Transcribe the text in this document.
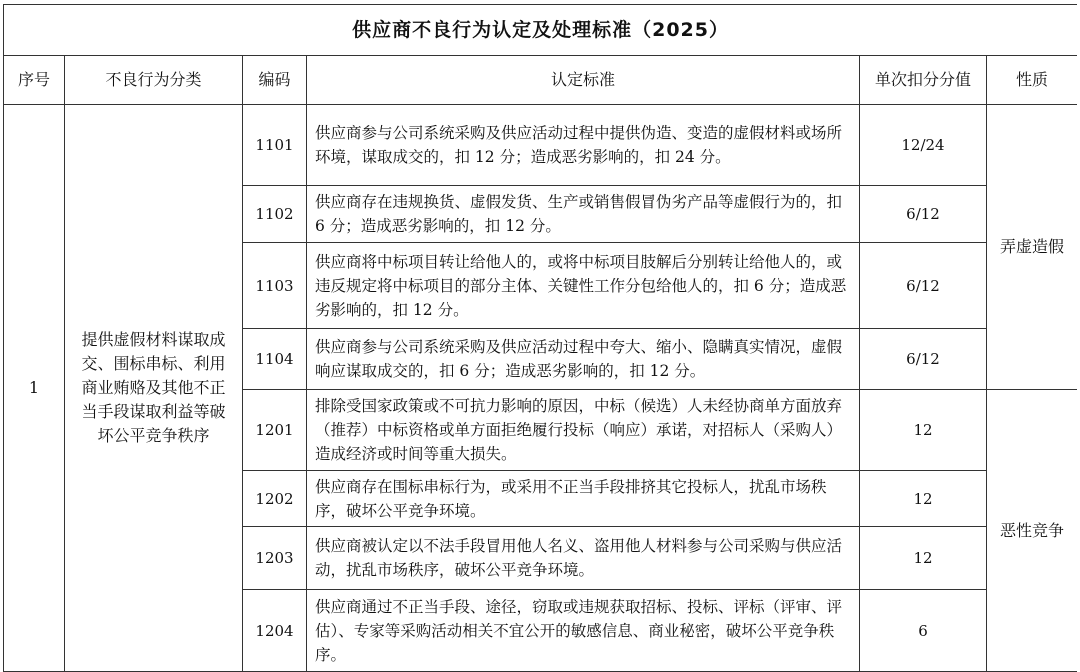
供应商不良行为认定及处理标准（2025）					
序号	不良行为分类	编码	认定标准	单次扣分分值	性质
1	提供虚假材料谋取成交、围标串标、利用商业贿赂及其他不正当手段谋取利益等破坏公平竞争秩序	1101	供应商参与公司系统采购及供应活动过程中提供伪造、变造的虚假材料或场所环境，谋取成交的，扣 12 分；造成恶劣影响的，扣 24 分。	12/24	弄虚造假
		1102	供应商存在违规换货、虚假发货、生产或销售假冒伪劣产品等虚假行为的，扣 6 分；造成恶劣影响的，扣 12 分。	6/12	
		1103	供应商将中标项目转让给他人的，或将中标项目肢解后分别转让给他人的，或违反规定将中标项目的部分主体、关键性工作分包给他人的，扣 6 分；造成恶劣影响的，扣 12 分。	6/12	
		1104	供应商参与公司系统采购及供应活动过程中夸大、缩小、隐瞒真实情况，虚假响应谋取成交的，扣 6 分；造成恶劣影响的，扣 12 分。	6/12	
		1201	排除受国家政策或不可抗力影响的原因，中标（候选）人未经协商单方面放弃（推荐）中标资格或单方面拒绝履行投标（响应）承诺，对招标人（采购人）造成经济或时间等重大损失。	12	恶性竞争
		1202	供应商存在围标串标行为，或采用不正当手段排挤其它投标人，扰乱市场秩序，破坏公平竞争环境。	12	
		1203	供应商被认定以不法手段冒用他人名义、盗用他人材料参与公司采购与供应活动，扰乱市场秩序，破坏公平竞争环境。	12	
		1204	供应商通过不正当手段、途径，窃取或违规获取招标、投标、评标（评审、评估）、专家等采购活动相关不宜公开的敏感信息、商业秘密，破坏公平竞争秩序。	6	
